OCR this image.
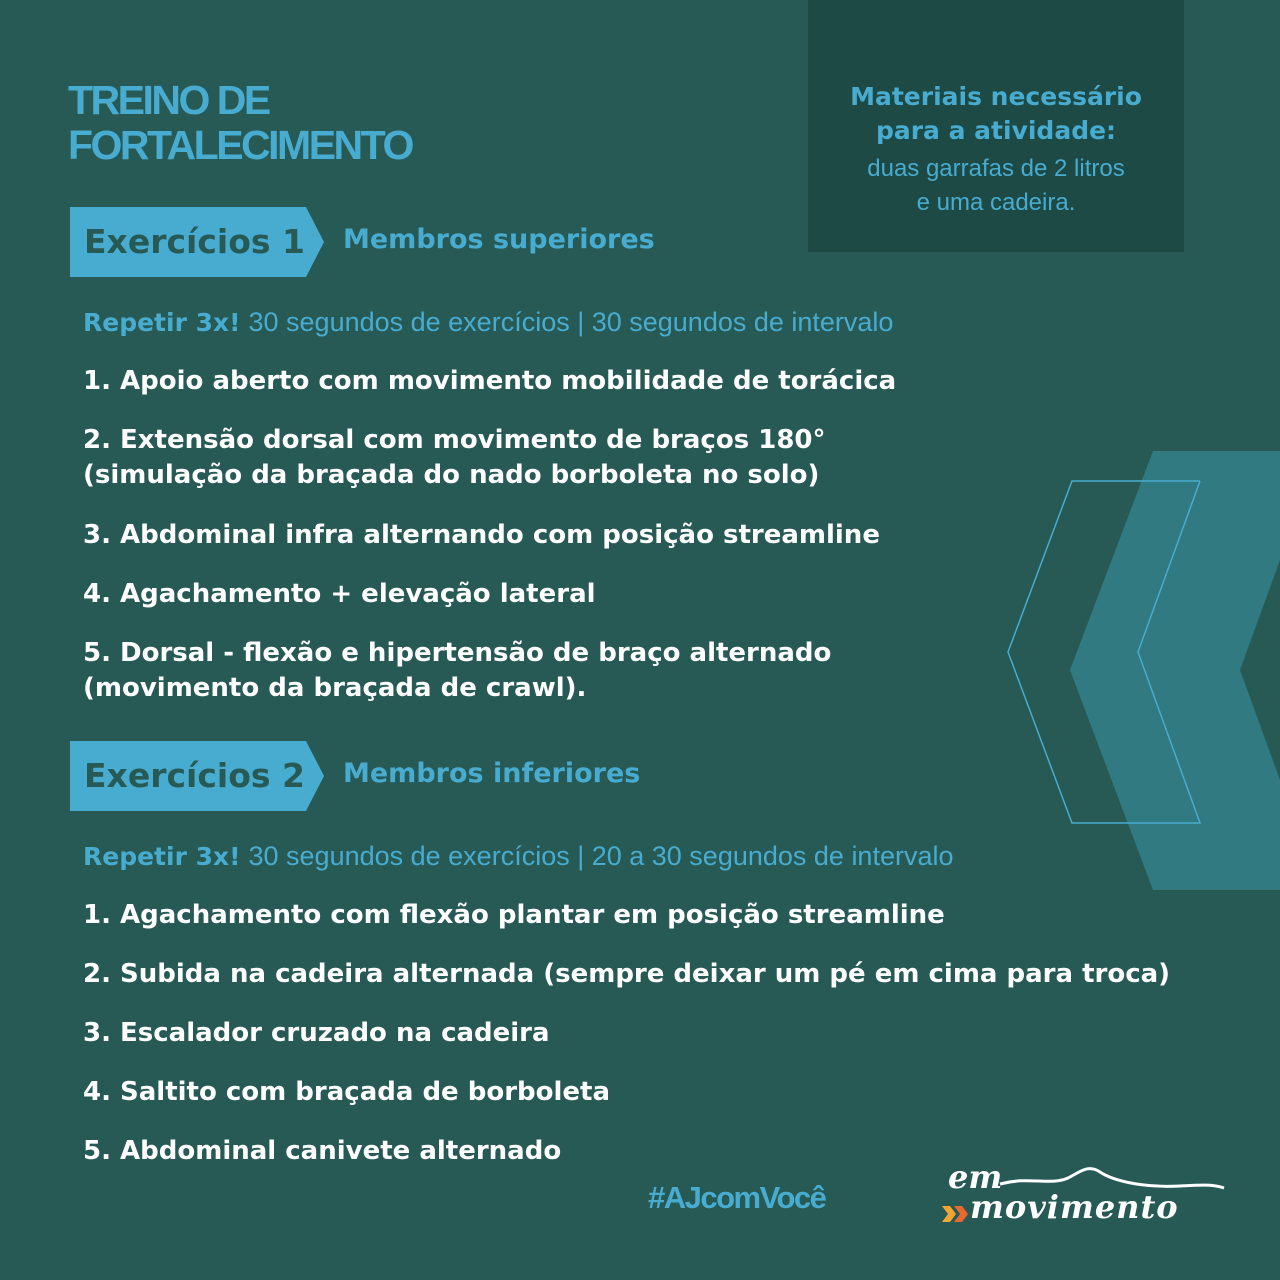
TREINO DE
FORTALECIMENTO
Materiais necessário
para a atividade:
duas garrafas de 2 litros
e uma cadeira.
Exercícios 1 Membros superiores
Repetir 3x! 30 segundos de exercícios | 30 segundos de intervalo
1. Apoio aberto com movimento mobilidade de torácica
2. Extensão dorsal com movimento de braços 180°
(simulação da braçada do nado borboleta no solo)
3. Abdominal infra alternando com posição streamline
4. Agachamento + elevação lateral
5. Dorsal - flexão e hipertensão de braço alternado
(movimento da braçada de crawl).
Exercícios 2 Membros inferiores
Repetir 3x! 30 segundos de exercícios | 20 a 30 segundos de intervalo
1. Agachamento com flexão plantar em posição streamline
2. Subida na cadeira alternada (sempre deixar um pé em cima para troca)
3. Escalador cruzado na cadeira
4. Saltito com braçada de borboleta
5. Abdominal canivete alternado
#AJcomVocê
em
movimento
